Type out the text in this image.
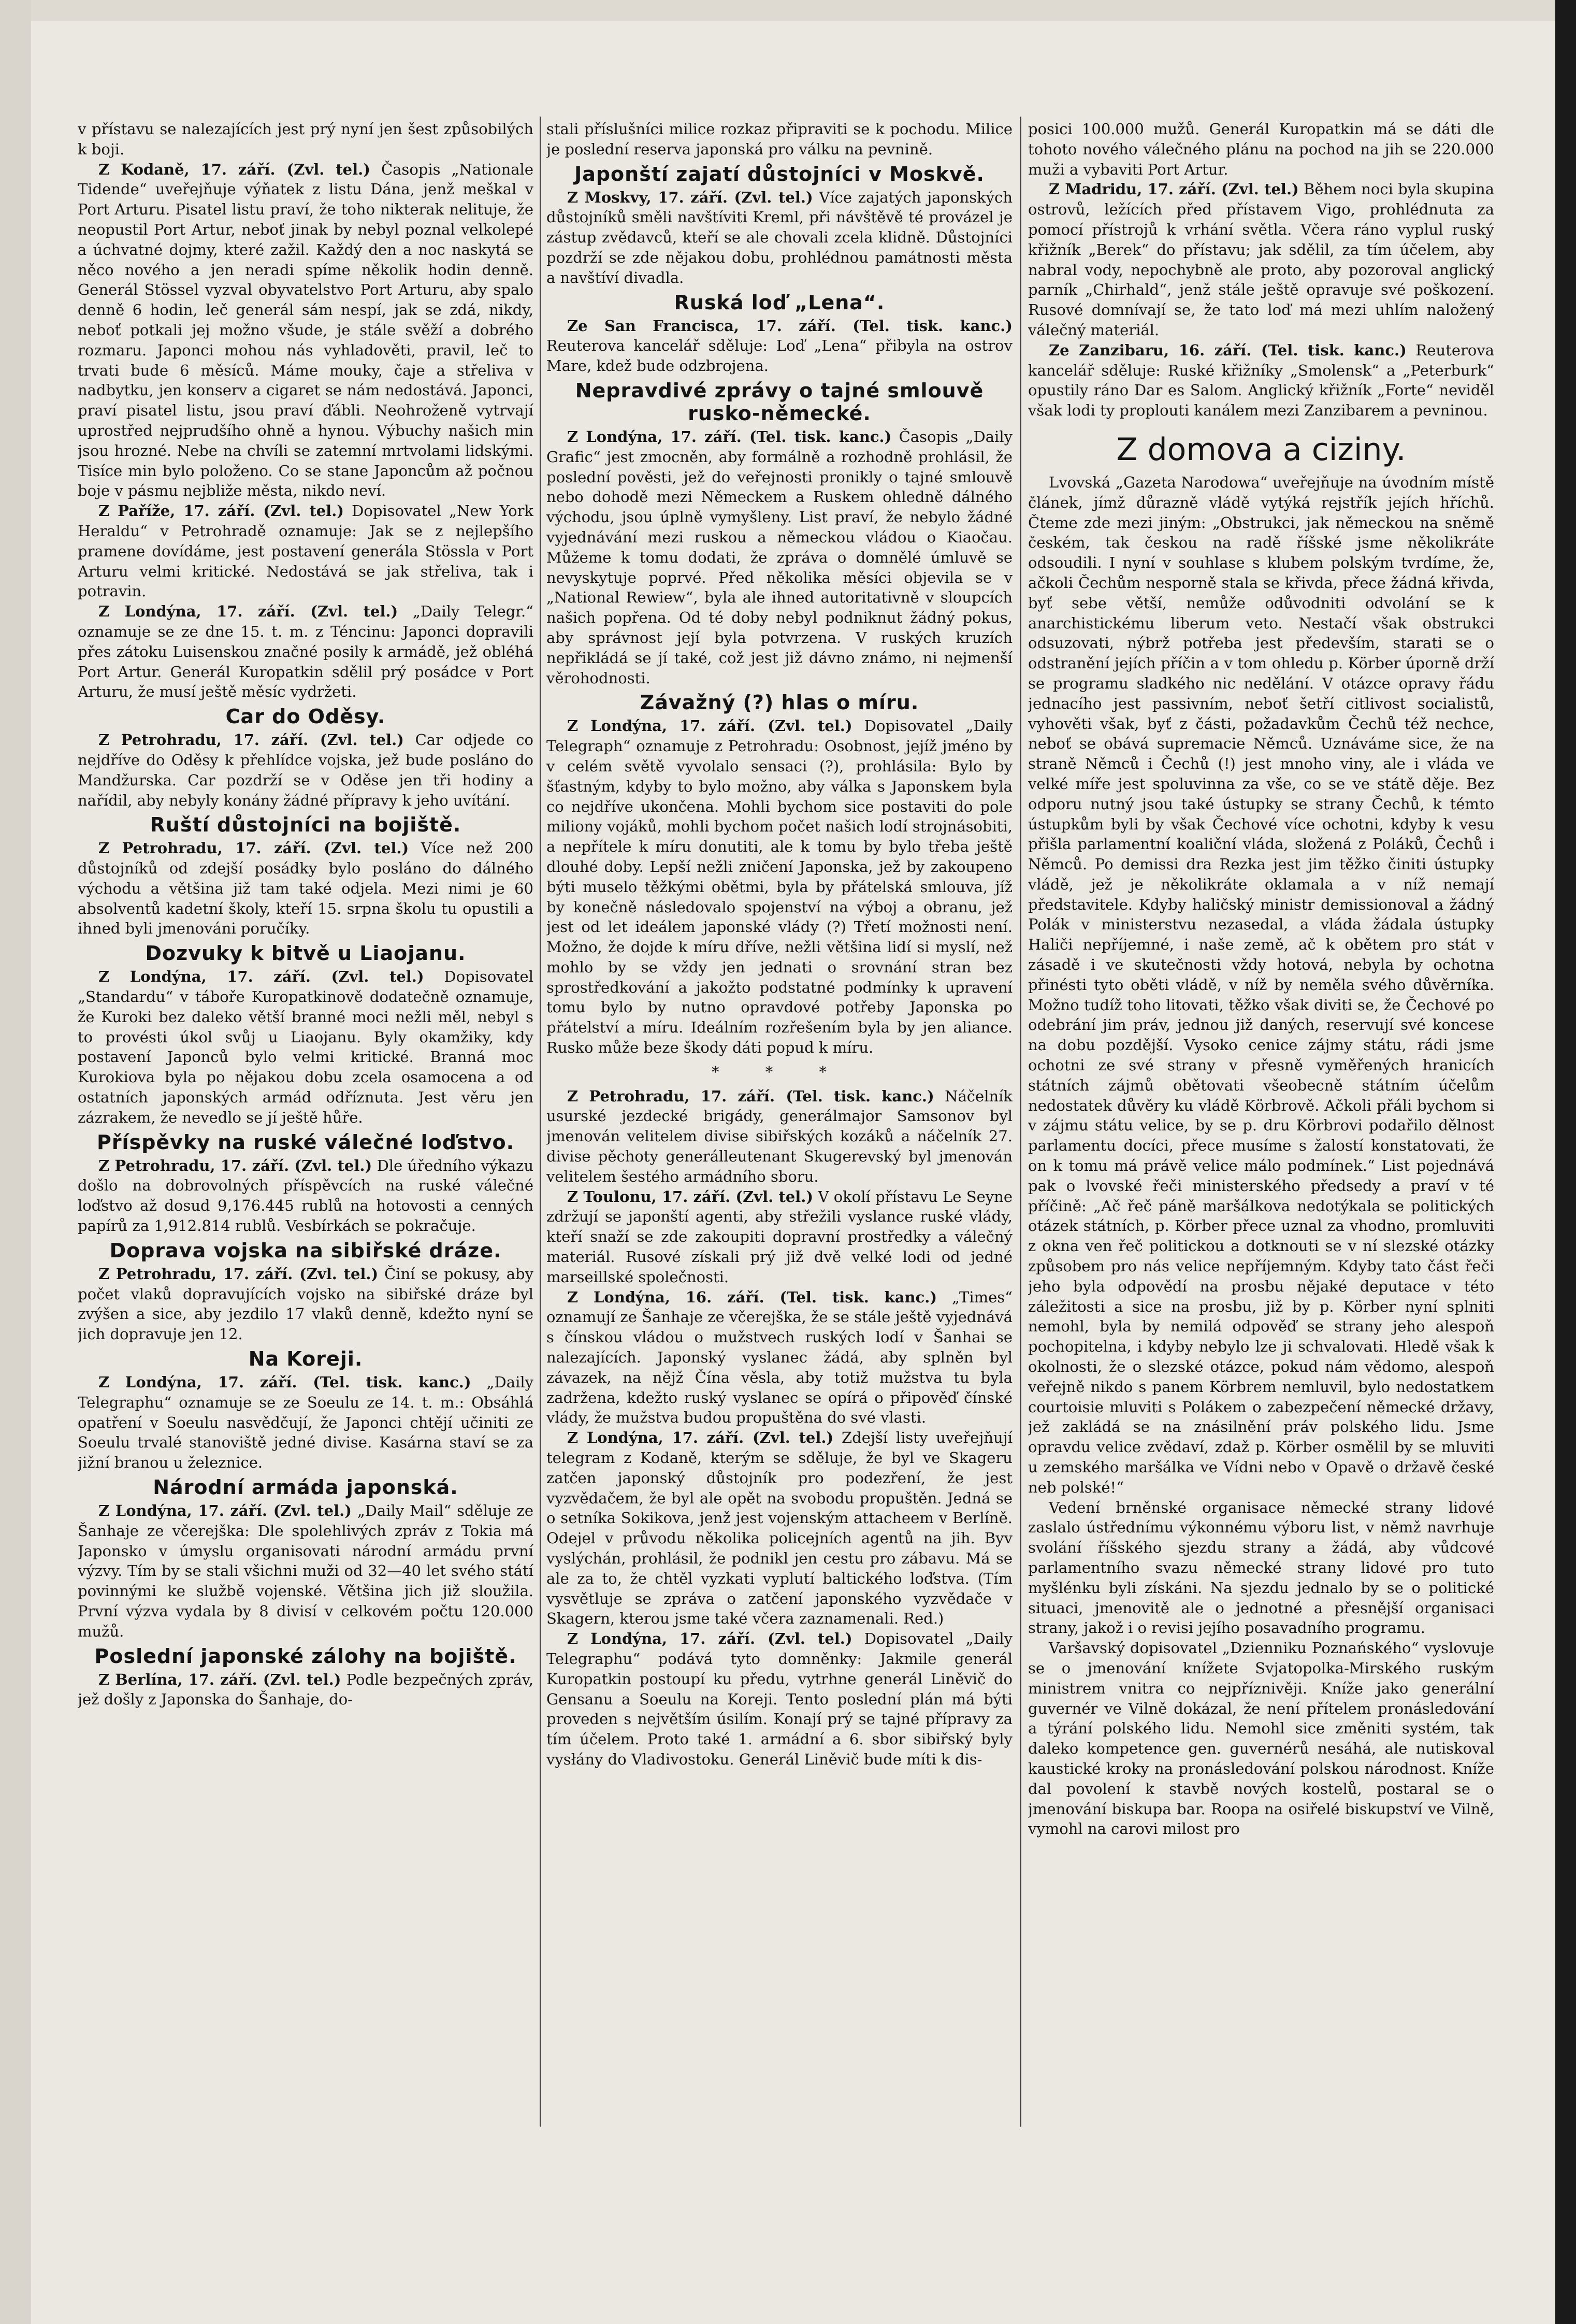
v přístavu se nalezajících jest prý nyní jen šest způsobilých k boji.

Z Kodaně, 17. září. (Zvl. tel.) Časopis „Nationale Tidende“ uveřejňuje výňatek z listu Dána, jenž meškal v Port Arturu. Pisatel listu praví, že toho nikterak nelituje, že neopustil Port Artur, neboť jinak by nebyl poznal velkolepé a úchvatné dojmy, které zažil. Každý den a noc naskytá se něco nového a jen neradi spíme několik hodin denně. Generál Stössel vyzval obyvatelstvo Port Arturu, aby spalo denně 6 hodin, leč generál sám nespí, jak se zdá, nikdy, neboť potkali jej možno všude, je stále svěží a dobrého rozmaru. Japonci mohou nás vyhladověti, pravil, leč to trvati bude 6 měsíců. Máme mouky, čaje a střeliva v nadbytku, jen konserv a cigaret se nám nedostává. Japonci, praví pisatel listu, jsou praví ďábli. Neohroženě vytrvají uprostřed nejprudšího ohně a hynou. Výbuchy našich min jsou hrozné. Nebe na chvíli se zatemní mrtvolami lidskými. Tisíce min bylo položeno. Co se stane Japoncům až počnou boje v pásmu nejbliže města, nikdo neví.

Z Paříže, 17. září. (Zvl. tel.) Dopisovatel „New York Heraldu“ v Petrohradě oznamuje: Jak se z nejlepšího pramene dovídáme, jest postavení generála Stössla v Port Arturu velmi kritické. Nedostává se jak střeliva, tak i potravin.

Z Londýna, 17. září. (Zvl. tel.) „Daily Telegr.“ oznamuje se ze dne 15. t. m. z Téncinu: Japonci dopravili přes zátoku Luisenskou značné posily k armádě, jež obléhá Port Artur. Generál Kuropatkin sdělil prý posádce v Port Arturu, že musí ještě měsíc vydržeti.

Car do Oděsy.

Z Petrohradu, 17. září. (Zvl. tel.) Car odjede co nejdříve do Oděsy k přehlídce vojska, jež bude posláno do Mandžurska. Car pozdrží se v Oděse jen tři hodiny a nařídil, aby nebyly konány žádné přípravy k jeho uvítání.

Ruští důstojníci na bojiště.

Z Petrohradu, 17. září. (Zvl. tel.) Více než 200 důstojníků od zdejší posádky bylo posláno do dálného východu a většina již tam také odjela. Mezi nimi je 60 absolventů kadetní školy, kteří 15. srpna školu tu opustili a ihned byli jmenováni poručíky.

Dozvuky k bitvě u Liaojanu.

Z Londýna, 17. září. (Zvl. tel.) Dopisovatel „Standardu“ v táboře Kuropatkinově dodatečně oznamuje, že Kuroki bez daleko větší branné moci nežli měl, nebyl s to provésti úkol svůj u Liaojanu. Byly okamžiky, kdy postavení Japonců bylo velmi kritické. Branná moc Kurokiova byla po nějakou dobu zcela osamocena a od ostatních japonských armád odříznuta. Jest věru jen zázrakem, že nevedlo se jí ještě hůře.

Příspěvky na ruské válečné loďstvo.

Z Petrohradu, 17. září. (Zvl. tel.) Dle úředního výkazu došlo na dobrovolných příspěvcích na ruské válečné loďstvo až dosud 9,176.445 rublů na hotovosti a cenných papírů za 1,912.814 rublů. Vesbírkách se pokračuje.

Doprava vojska na sibiřské dráze.

Z Petrohradu, 17. září. (Zvl. tel.) Činí se pokusy, aby počet vlaků dopravujících vojsko na sibiřské dráze byl zvýšen a sice, aby jezdilo 17 vlaků denně, kdežto nyní se jich dopravuje jen 12.

Na Koreji.

Z Londýna, 17. září. (Tel. tisk. kanc.) „Daily Telegraphu“ oznamuje se ze Soeulu ze 14. t. m.: Obsáhlá opatření v Soeulu nasvědčují, že Japonci chtějí učiniti ze Soeulu trvalé stanoviště jedné divise. Kasárna staví se za jižní branou u železnice.

Národní armáda japonská.

Z Londýna, 17. září. (Zvl. tel.) „Daily Mail“ sděluje ze Šanhaje ze včerejška: Dle spolehlivých zpráv z Tokia má Japonsko v úmyslu organisovati národní armádu první výzvy. Tím by se stali všichni muži od 32—40 let svého státí povinnými ke službě vojenské. Většina jich již sloužila. První výzva vydala by 8 divisí v celkovém počtu 120.000 mužů.

Poslední japonské zálohy na bojiště.

Z Berlína, 17. září. (Zvl. tel.) Podle bezpečných zpráv, jež došly z Japonska do Šanhaje, do-

stali příslušníci milice rozkaz připraviti se k pochodu. Milice je poslední reserva japonská pro válku na pevnině.

Japonští zajatí důstojníci v Moskvě.

Z Moskvy, 17. září. (Zvl. tel.) Více zajatých japonských důstojníků směli navštíviti Kreml, při návštěvě té provázel je zástup zvědavců, kteří se ale chovali zcela klidně. Důstojníci pozdrží se zde nějakou dobu, prohlédnou památnosti města a navštíví divadla.

Ruská loď „Lena“.

Ze San Francisca, 17. září. (Tel. tisk. kanc.) Reuterova kancelář sděluje: Loď „Lena“ přibyla na ostrov Mare, kdež bude odzbrojena.

Nepravdivé zprávy o tajné smlouvě rusko-německé.

Z Londýna, 17. září. (Tel. tisk. kanc.) Časopis „Daily Grafic“ jest zmocněn, aby formálně a rozhodně prohlásil, že poslední pověsti, jež do veřejnosti pronikly o tajné smlouvě nebo dohodě mezi Německem a Ruskem ohledně dálného východu, jsou úplně vymyšleny. List praví, že nebylo žádné vyjednávání mezi ruskou a německou vládou o Kiaočau. Můžeme k tomu dodati, že zpráva o domnělé úmluvě se nevyskytuje poprvé. Před několika měsíci objevila se v „National Rewiew“, byla ale ihned autoritativně v sloupcích našich popřena. Od té doby nebyl podniknut žádný pokus, aby správnost její byla potvrzena. V ruských kruzích nepřikládá se jí také, což jest již dávno známo, ni nejmenší věrohodnosti.

Závažný (?) hlas o míru.

Z Londýna, 17. září. (Zvl. tel.) Dopisovatel „Daily Telegraph“ oznamuje z Petrohradu: Osobnost, jejíž jméno by v celém světě vyvolalo sensaci (?), prohlásila: Bylo by šťastným, kdyby to bylo možno, aby válka s Japonskem byla co nejdříve ukončena. Mohli bychom sice postaviti do pole miliony vojáků, mohli bychom počet našich lodí strojnásobiti, a nepřítele k míru donutiti, ale k tomu by bylo třeba ještě dlouhé doby. Lepší nežli zničení Japonska, jež by zakoupeno býti muselo těžkými obětmi, byla by přátelská smlouva, jíž by konečně následovalo spojenství na výboj a obranu, jež jest od let ideálem japonské vlády (?) Třetí možnosti není. Možno, že dojde k míru dříve, nežli většina lidí si myslí, než mohlo by se vždy jen jednati o srovnání stran bez sprostředkování a jakožto podstatné podmínky k upravení tomu bylo by nutno opravdové potřeby Japonska po přátelství a míru. Ideálním rozřešením byla by jen aliance. Rusko může beze škody dáti popud k míru.

* * *

Z Petrohradu, 17. září. (Tel. tisk. kanc.) Náčelník usurské jezdecké brigády, generálmajor Samsonov byl jmenován velitelem divise sibiřských kozáků a náčelník 27. divise pěchoty generálleutenant Skugerevský byl jmenován velitelem šestého armádního sboru.

Z Toulonu, 17. září. (Zvl. tel.) V okolí přístavu Le Seyne zdržují se japonští agenti, aby střežili vyslance ruské vlády, kteří snaží se zde zakoupiti dopravní prostředky a válečný materiál. Rusové získali prý již dvě velké lodi od jedné marseillské společnosti.

Z Londýna, 16. září. (Tel. tisk. kanc.) „Times“ oznamují ze Šanhaje ze včerejška, že se stále ještě vyjednává s čínskou vládou o mužstvech ruských lodí v Šanhai se nalezajících. Japonský vyslanec žádá, aby splněn byl závazek, na nějž Čína věsla, aby totiž mužstva tu byla zadržena, kdežto ruský vyslanec se opírá o připověď čínské vlády, že mužstva budou propuštěna do své vlasti.

Z Londýna, 17. září. (Zvl. tel.) Zdejší listy uveřejňují telegram z Kodaně, kterým se sděluje, že byl ve Skageru zatčen japonský důstojník pro podezření, že jest vyzvědačem, že byl ale opět na svobodu propuštěn. Jedná se o setníka Sokikova, jenž jest vojenským attacheem v Berlíně. Odejel v průvodu několika policejních agentů na jih. Byv vyslýchán, prohlásil, že podnikl jen cestu pro zábavu. Má se ale za to, že chtěl vyzkati vyplutí baltického loďstva. (Tím vysvětluje se zpráva o zatčení japonského vyzvědače v Skagern, kterou jsme také včera zaznamenali. Red.)

Z Londýna, 17. září. (Zvl. tel.) Dopisovatel „Daily Telegraphu“ podává tyto domněnky: Jakmile generál Kuropatkin postoupí ku předu, vytrhne generál Liněvič do Gensanu a Soeulu na Koreji. Tento poslední plán má býti proveden s největším úsilím. Konají prý se tajné přípravy za tím účelem. Proto také 1. armádní a 6. sbor sibiřský byly vysłány do Vladivostoku. Generál Liněvič bude míti k dis-

posici 100.000 mužů. Generál Kuropatkin má se dáti dle tohoto nového válečného plánu na pochod na jih se 220.000 muži a vybaviti Port Artur.

Z Madridu, 17. září. (Zvl. tel.) Během noci byla skupina ostrovů, ležících před přístavem Vigo, prohlédnuta za pomocí přístrojů k vrhání světla. Včera ráno vyplul ruský křižník „Berek“ do přístavu; jak sdělil, za tím účelem, aby nabral vody, nepochybně ale proto, aby pozoroval anglický parník „Chirhald“, jenž stále ještě opravuje své poškození. Rusové domnívají se, že tato loď má mezi uhlím naložený válečný materiál.

Ze Zanzibaru, 16. září. (Tel. tisk. kanc.) Reuterova kancelář sděluje: Ruské křižníky „Smolensk“ a „Peterburk“ opustily ráno Dar es Salom. Anglický křižník „Forte“ neviděl však lodi ty proplouti kanálem mezi Zanzibarem a pevninou.

Z domova a ciziny.

Lvovská „Gazeta Narodowa“ uveřejňuje na úvodním místě článek, jímž důrazně vládě vytýká rejstřík jejích hříchů. Čteme zde mezi jiným: „Obstrukci, jak německou na sněmě českém, tak českou na radě říšské jsme několikráte odsoudili. I nyní v souhlase s klubem polským tvrdíme, že, ačkoli Čechům nesporně stala se křivda, přece žádná křivda, byť sebe větší, nemůže odůvodniti odvolání se k anarchistickému liberum veto. Nestačí však obstrukci odsuzovati, nýbrž potřeba jest především, starati se o odstranění jejích příčin a v tom ohledu p. Körber úporně drží se programu sladkého nic nedělání. V otázce opravy řádu jednacího jest passivním, neboť šetří citlivost socialistů, vyhověti však, byť z části, požadavkům Čechů též nechce, neboť se obává supremacie Němců. Uznáváme sice, že na straně Němců i Čechů (!) jest mnoho viny, ale i vláda ve velké míře jest spoluvinna za vše, co se ve státě děje. Bez odporu nutný jsou také ústupky se strany Čechů, k témto ústupkům byli by však Čechové více ochotni, kdyby k vesu přišla parlamentní koaliční vláda, složená z Poláků, Čechů i Němců. Po demissi dra Rezka jest jim těžko činiti ústupky vládě, jež je několikráte oklamala a v níž nemají představitele. Kdyby haličský ministr demissionoval a žádný Polák v ministerstvu nezasedal, a vláda žádala ústupky Haliči nepříjemné, i naše země, ač k obětem pro stát v zásadě i ve skutečnosti vždy hotová, nebyla by ochotna přinésti tyto oběti vládě, v níž by neměla svého důvěrníka. Možno tudíž toho litovati, těžko však diviti se, že Čechové po odebrání jim práv, jednou již daných, reservují své koncese na dobu pozdější. Vysoko cenice zájmy státu, rádi jsme ochotni ze své strany v přesně vyměřených hranicích státních zájmů obětovati všeobecně státním účelům nedostatek důvěry ku vládě Körbrově. Ačkoli přáli bychom si v zájmu státu velice, by se p. dru Körbrovi podařilo dělnost parlamentu docíci, přece musíme s žalostí konstatovati, že on k tomu má právě velice málo podmínek.“ List pojednává pak o lvovské řeči ministerského předsedy a praví v té příčině: „Ač řeč páně maršálkova nedotýkala se politických otázek státních, p. Körber přece uznal za vhodno, promluviti z okna ven řeč politickou a dotknouti se v ní slezské otázky způsobem pro nás velice nepříjemným. Kdyby tato část řeči jeho byla odpovědí na prosbu nějaké deputace v této záležitosti a sice na prosbu, již by p. Körber nyní splniti nemohl, byla by nemilá odpověď se strany jeho alespoň pochopitelna, i kdyby nebylo lze ji schvalovati. Hledě však k okolnosti, že o slezské otázce, pokud nám vědomo, alespoň veřejně nikdo s panem Körbrem nemluvil, bylo nedostatkem courtoisie mluviti s Polákem o zabezpečení německé državy, jež zakládá se na znásilnění práv polského lidu. Jsme opravdu velice zvědaví, zdaž p. Körber osmělil by se mluviti u zemského maršálka ve Vídni nebo v Opavě o državě české neb polské!“

Vedení brněnské organisace německé strany lidové zaslalo ústřednímu výkonnému výboru list, v němž navrhuje svolání říšského sjezdu strany a žádá, aby vůdcové parlamentního svazu německé strany lidové pro tuto myšlénku byli získáni. Na sjezdu jednalo by se o politické situaci, jmenovitě ale o jednotné a přesnější organisaci strany, jakož i o revisi jejího posavadního programu.

Varšavský dopisovatel „Dzienniku Poznańského“ vyslovuje se o jmenování knížete Svjatopolka-Mirského ruským ministrem vnitra co nejpříznivěji. Kníže jako generální guvernér ve Vilně dokázal, že není přítelem pronásledování a týrání polského lidu. Nemohl sice změniti systém, tak daleko kompetence gen. guvernérů nesáhá, ale nutiskoval kaustické kroky na pronásledování polskou národnost. Kníže dal povolení k stavbě nových kostelů, postaral se o jmenování biskupa bar. Roopa na osiřelé biskupství ve Vilně, vymohl na carovi milost pro
